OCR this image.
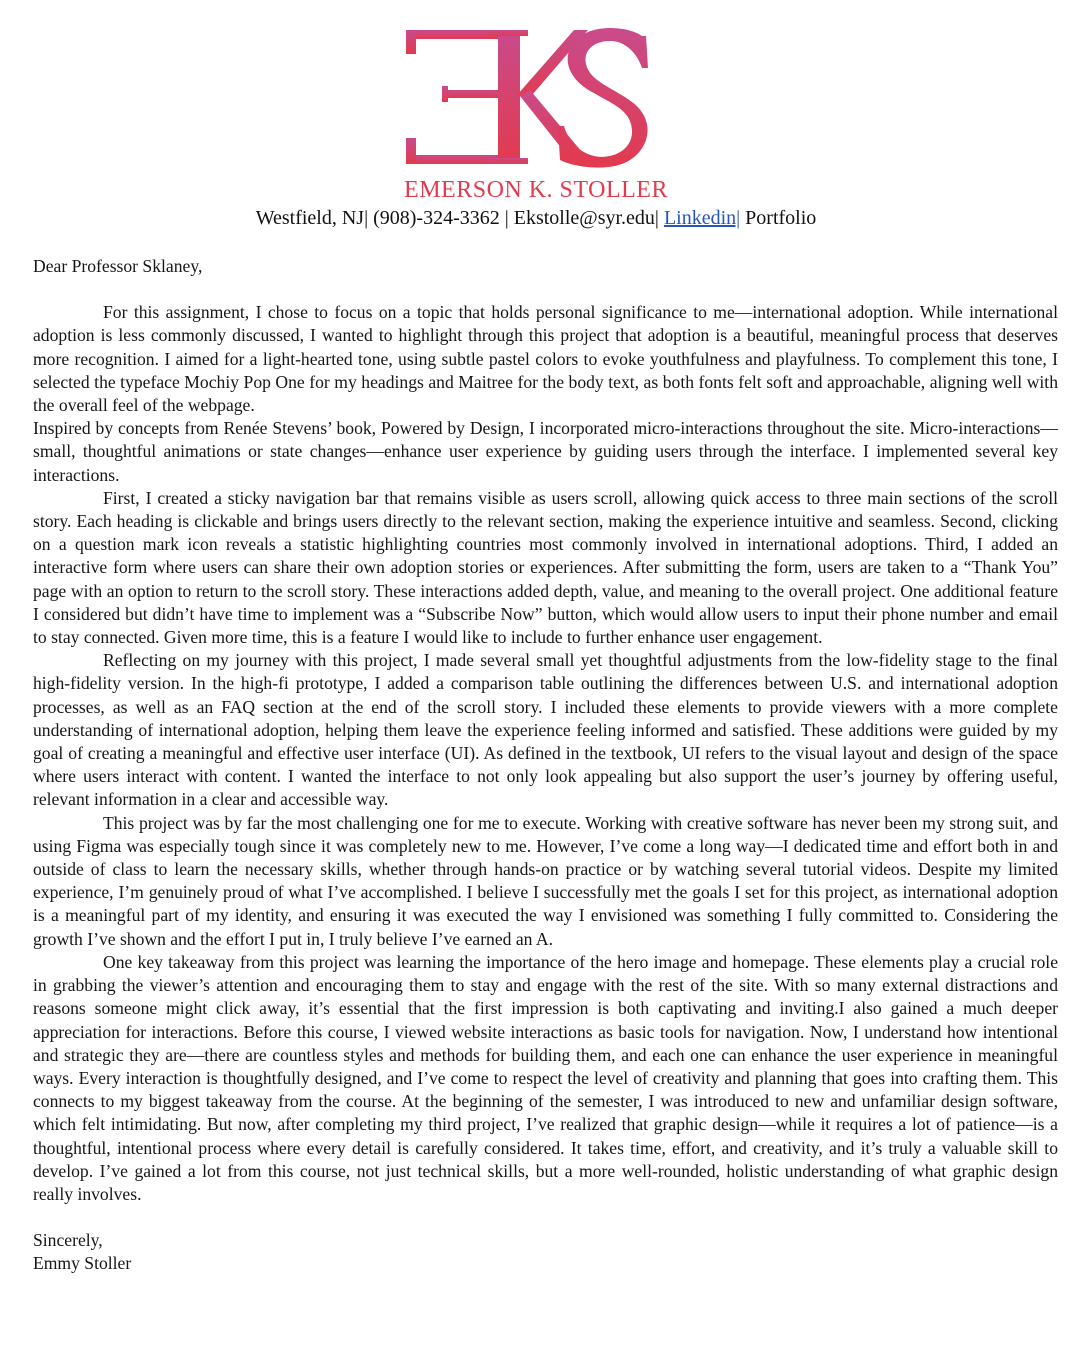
EMERSON K. STOLLER
Westfield, NJ| (908)-324-3362 | Ekstolle@syr.edu| Linkedin| Portfolio

Dear Professor Sklaney,

For this assignment, I chose to focus on a topic that holds personal significance to me—international adoption. While international adoption is less commonly discussed, I wanted to highlight through this project that adoption is a beautiful, meaningful process that deserves more recognition. I aimed for a light-hearted tone, using subtle pastel colors to evoke youthfulness and playfulness. To complement this tone, I selected the typeface Mochiy Pop One for my headings and Maitree for the body text, as both fonts felt soft and approachable, aligning well with the overall feel of the webpage.

Inspired by concepts from Renée Stevens’ book, Powered by Design, I incorporated micro-interactions throughout the site. Micro-interactions—small, thoughtful animations or state changes—enhance user experience by guiding users through the interface. I implemented several key interactions.

First, I created a sticky navigation bar that remains visible as users scroll, allowing quick access to three main sections of the scroll story. Each heading is clickable and brings users directly to the relevant section, making the experience intuitive and seamless. Second, clicking on a question mark icon reveals a statistic highlighting countries most commonly involved in international adoptions. Third, I added an interactive form where users can share their own adoption stories or experiences. After submitting the form, users are taken to a “Thank You” page with an option to return to the scroll story. These interactions added depth, value, and meaning to the overall project. One additional feature I considered but didn’t have time to implement was a “Subscribe Now” button, which would allow users to input their phone number and email to stay connected. Given more time, this is a feature I would like to include to further enhance user engagement.

Reflecting on my journey with this project, I made several small yet thoughtful adjustments from the low-fidelity stage to the final high-fidelity version. In the high-fi prototype, I added a comparison table outlining the differences between U.S. and international adoption processes, as well as an FAQ section at the end of the scroll story. I included these elements to provide viewers with a more complete understanding of international adoption, helping them leave the experience feeling informed and satisfied. These additions were guided by my goal of creating a meaningful and effective user interface (UI). As defined in the textbook, UI refers to the visual layout and design of the space where users interact with content. I wanted the interface to not only look appealing but also support the user’s journey by offering useful, relevant information in a clear and accessible way.

This project was by far the most challenging one for me to execute. Working with creative software has never been my strong suit, and using Figma was especially tough since it was completely new to me. However, I’ve come a long way—I dedicated time and effort both in and outside of class to learn the necessary skills, whether through hands-on practice or by watching several tutorial videos. Despite my limited experience, I’m genuinely proud of what I’ve accomplished. I believe I successfully met the goals I set for this project, as international adoption is a meaningful part of my identity, and ensuring it was executed the way I envisioned was something I fully committed to. Considering the growth I’ve shown and the effort I put in, I truly believe I’ve earned an A.

One key takeaway from this project was learning the importance of the hero image and homepage. These elements play a crucial role in grabbing the viewer’s attention and encouraging them to stay and engage with the rest of the site. With so many external distractions and reasons someone might click away, it’s essential that the first impression is both captivating and inviting.I also gained a much deeper appreciation for interactions. Before this course, I viewed website interactions as basic tools for navigation. Now, I understand how intentional and strategic they are—there are countless styles and methods for building them, and each one can enhance the user experience in meaningful ways. Every interaction is thoughtfully designed, and I’ve come to respect the level of creativity and planning that goes into crafting them. This connects to my biggest takeaway from the course. At the beginning of the semester, I was introduced to new and unfamiliar design software, which felt intimidating. But now, after completing my third project, I’ve realized that graphic design—while it requires a lot of patience—is a thoughtful, intentional process where every detail is carefully considered. It takes time, effort, and creativity, and it’s truly a valuable skill to develop. I’ve gained a lot from this course, not just technical skills, but a more well-rounded, holistic understanding of what graphic design really involves.

Sincerely,
Emmy Stoller
